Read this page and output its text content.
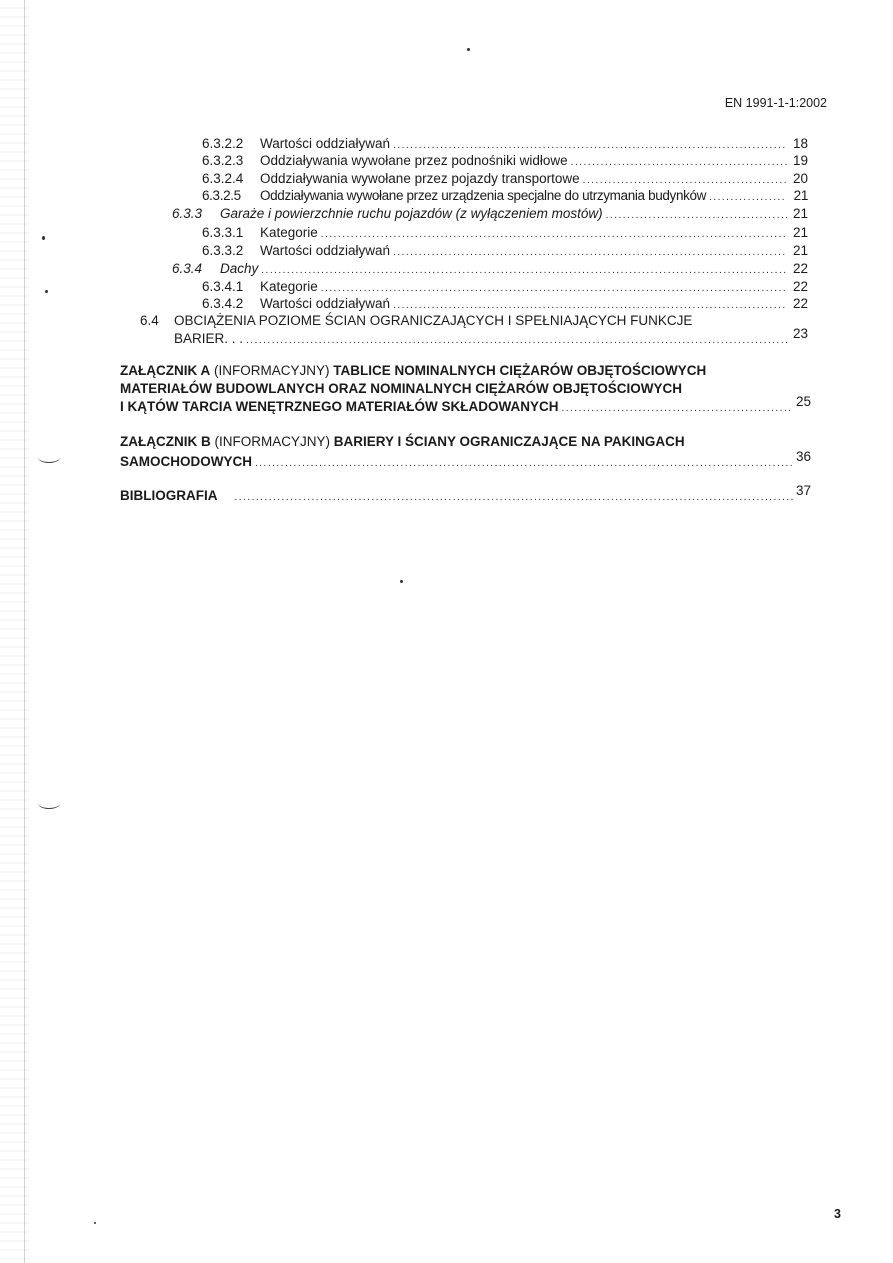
EN 1991-1-1:2002
6.3.2.2	Wartości oddziaływań .....	18
6.3.2.3	Oddziaływania wywołane przez podnośniki widłowe .....	19
6.3.2.4	Oddziaływania wywołane przez pojazdy transportowe .....	20
6.3.2.5	Oddziaływania wywołane przez urządzenia specjalne do utrzymania budynków .....	21
6.3.3	Garaże i powierzchnie ruchu pojazdów (z wyłączeniem mostów) .....	21
6.3.3.1	Kategorie .....	21
6.3.3.2	Wartości oddziaływań .....	21
6.3.4	Dachy .....	22
6.3.4.1	Kategorie .....	22
6.3.4.2	Wartości oddziaływań .....	22
6.4 OBCIĄŻENIA POZIOME ŚCIAN OGRANICZAJĄCYCH I SPEŁNIAJĄCYCH FUNKCJE
BARIER. . . .....	23
ZAŁĄCZNIK A (INFORMACYJNY) TABLICE NOMINALNYCH CIĘŻARÓW OBJĘTOŚCIOWYCH
MATERIAŁÓW BUDOWLANYCH ORAZ NOMINALNYCH CIĘŻARÓW OBJĘTOŚCIOWYCH
I KĄTÓW TARCIA WENĘTRZNEGO MATERIAŁÓW SKŁADOWANYCH .....	25
ZAŁĄCZNIK B (INFORMACYJNY) BARIERY I ŚCIANY OGRANICZAJĄCE NA PAKINGACH
SAMOCHODOWYCH .....	36
BIBLIOGRAFIA .....	37
3
